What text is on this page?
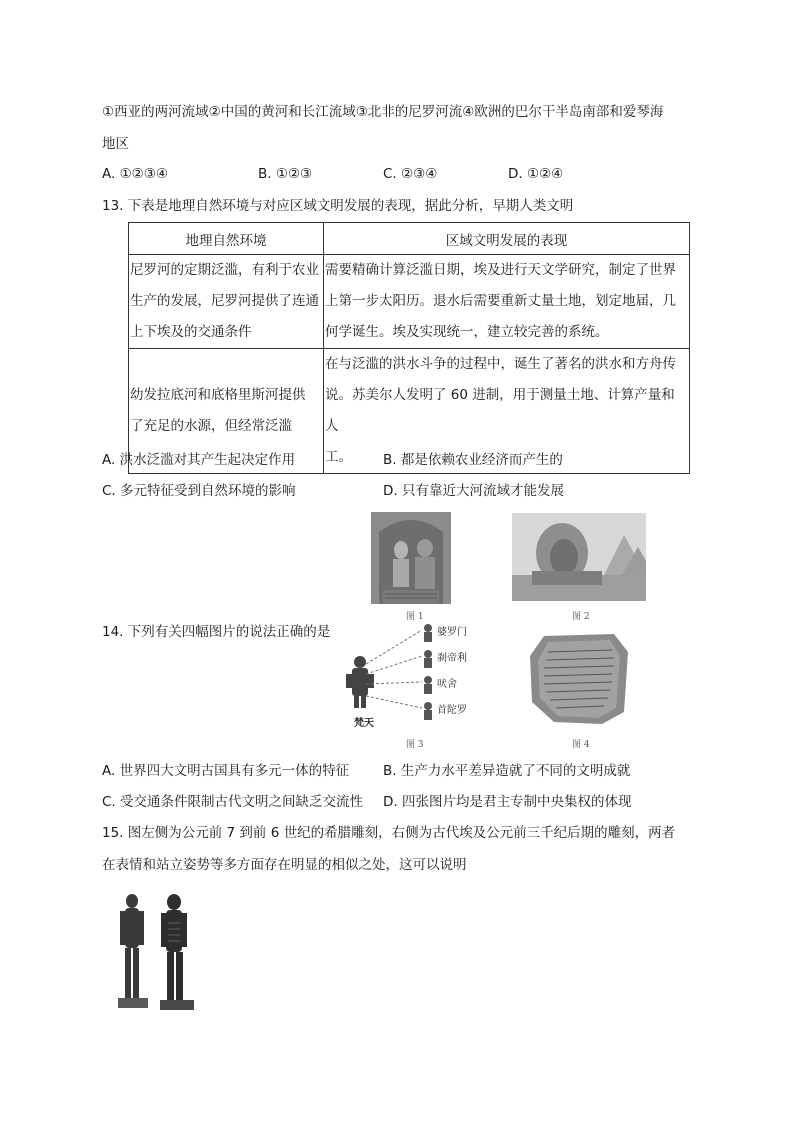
①西亚的两河流域②中国的黄河和长江流域③北非的尼罗河流④欧洲的巴尔干半岛南部和爱琴海
地区
A. ①②③④	B. ①②③	C. ②③④	D. ①②④
13. 下表是地理自然环境与对应区域文明发展的表现，据此分析，早期人类文明
地理自然环境	区域文明发展的表现

尼罗河的定期泛滥，有利于农业
生产的发展，尼罗河提供了连通
上下埃及的交通条件	需要精确计算泛滥日期，埃及进行天文学研究，制定了世界
上第一步太阳历。退水后需要重新丈量土地，划定地届，几
何学诞生。埃及实现统一，建立较完善的系统。

幼发拉底河和底格里斯河提供
了充足的水源，但经常泛滥	在与泛滥的洪水斗争的过程中，诞生了著名的洪水和方舟传
说。苏美尔人发明了 60 进制，用于测量土地、计算产量和人
工。
A. 洪水泛滥对其产生起决定作用	B. 都是依赖农业经济而产生的
C. 多元特征受到自然环境的影响	D. 只有靠近大河流域才能发展
图 1	图 2
14. 下列有关四幅图片的说法正确的是	婆罗门
刹帝利
吠舍
首陀罗
梵天
图 3	图 4
A. 世界四大文明古国具有多元一体的特征	B. 生产力水平差异造就了不同的文明成就
C. 受交通条件限制古代文明之间缺乏交流性 D. 四张图片均是君主专制中央集权的体现
15. 图左侧为公元前 7 到前 6 世纪的希腊雕刻，右侧为古代埃及公元前三千纪后期的雕刻，两者
在表情和站立姿势等多方面存在明显的相似之处，这可以说明
